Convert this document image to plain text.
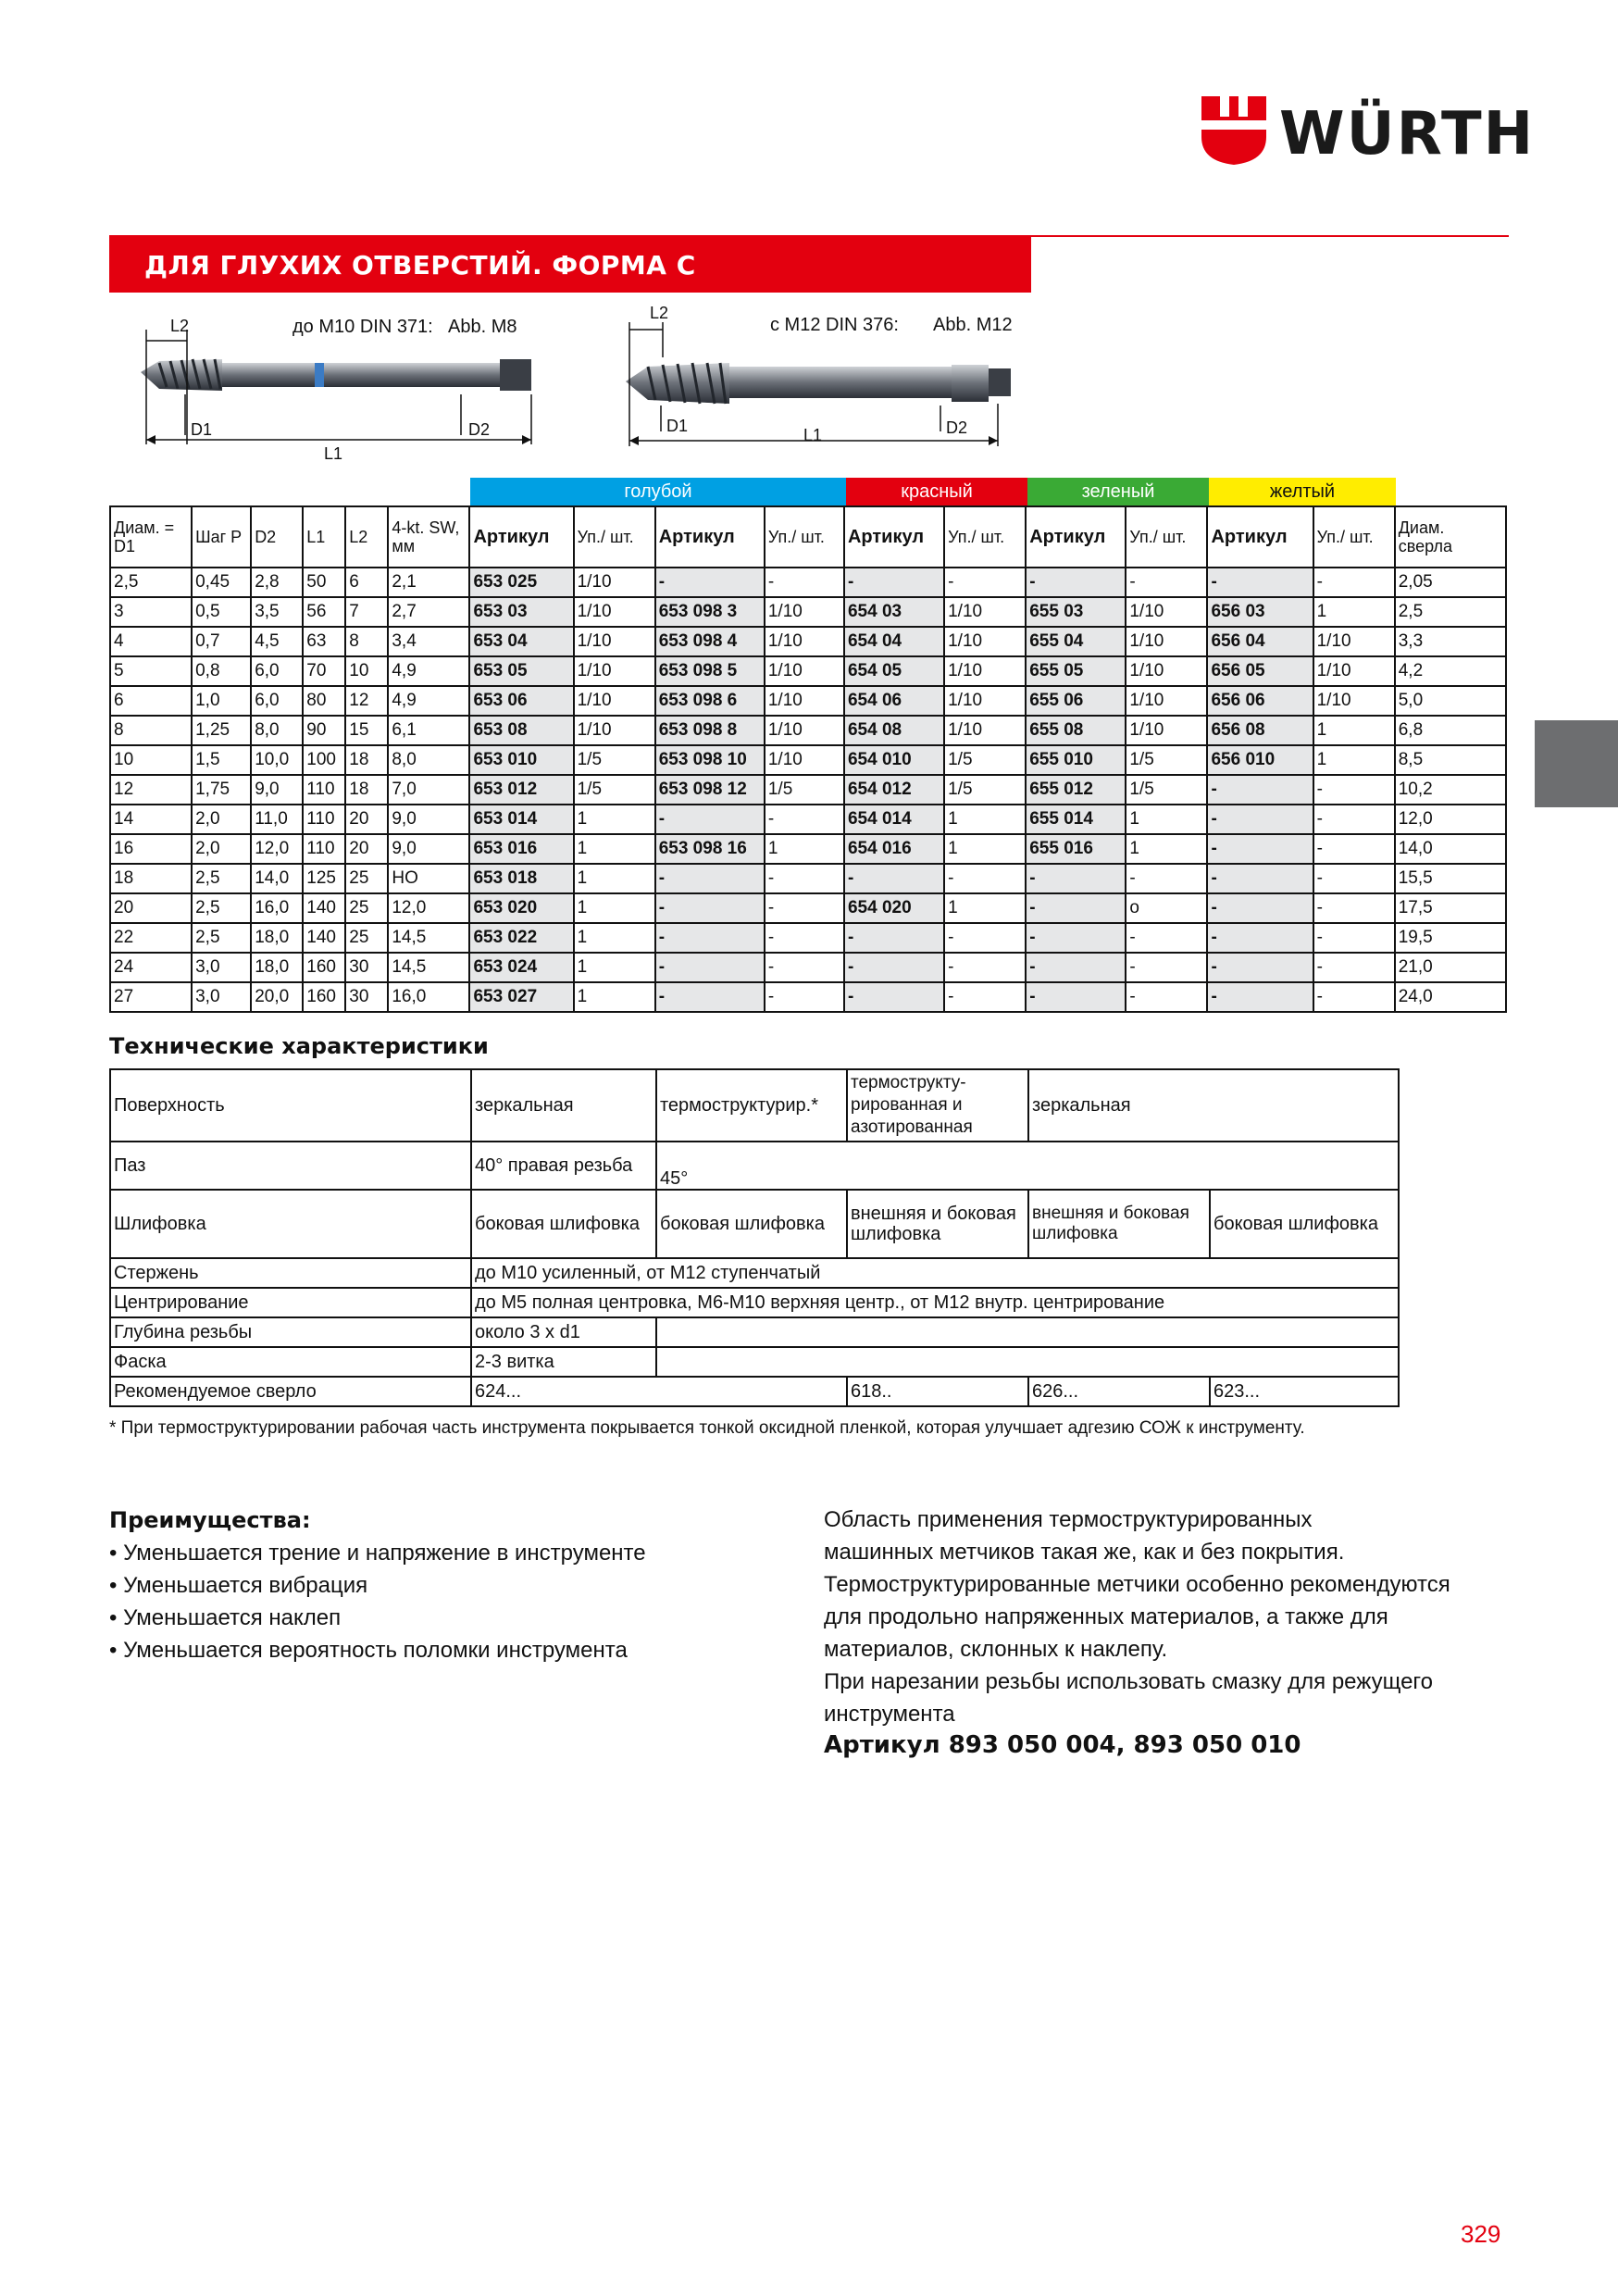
WÜRTH
ДЛЯ ГЛУХИХ ОТВЕРСТИЙ. ФОРМА С
L2
D1	D2
L1
до M10 DIN 371: Abb. M8
L2
D1	L1	D2
с M12 DIN 376: Abb. M12
голубой	красный	зеленый	желтый
Диам. = D1	Шаг P	D2	L1	L2	4-kt. SW, мм	Артикул	Уп./ шт.	Артикул	Уп./ шт.	Артикул	Уп./ шт.	Артикул	Уп./ шт.	Артикул	Уп./ шт.	Диам. сверла
2,5	0,45	2,8	50	6	2,1	653 025	1/10	-	-	-	-	-	-	-	-	2,05
3	0,5	3,5	56	7	2,7	653 03	1/10	653 098 3	1/10	654 03	1/10	655 03	1/10	656 03	1	2,5
4	0,7	4,5	63	8	3,4	653 04	1/10	653 098 4	1/10	654 04	1/10	655 04	1/10	656 04	1/10	3,3
5	0,8	6,0	70	10	4,9	653 05	1/10	653 098 5	1/10	654 05	1/10	655 05	1/10	656 05	1/10	4,2
6	1,0	6,0	80	12	4,9	653 06	1/10	653 098 6	1/10	654 06	1/10	655 06	1/10	656 06	1/10	5,0
8	1,25	8,0	90	15	6,1	653 08	1/10	653 098 8	1/10	654 08	1/10	655 08	1/10	656 08	1	6,8
10	1,5	10,0	100	18	8,0	653 010	1/5	653 098 10	1/10	654 010	1/5	655 010	1/5	656 010	1	8,5
12	1,75	9,0	110	18	7,0	653 012	1/5	653 098 12	1/5	654 012	1/5	655 012	1/5	-	-	10,2
14	2,0	11,0	110	20	9,0	653 014	1	-	-	654 014	1	655 014	1	-	-	12,0
16	2,0	12,0	110	20	9,0	653 016	1	653 098 16	1	654 016	1	655 016	1	-	-	14,0
18	2,5	14,0	125	25	НО	653 018	1	-	-	-	-	-	-	-	-	15,5
20	2,5	16,0	140	25	12,0	653 020	1	-	-	654 020	1	-	o	-	-	17,5
22	2,5	18,0	140	25	14,5	653 022	1	-	-	-	-	-	-	-	-	19,5
24	3,0	18,0	160	30	14,5	653 024	1	-	-	-	-	-	-	-	-	21,0
27	3,0	20,0	160	30	16,0	653 027	1	-	-	-	-	-	-	-	-	24,0
Технические характеристики
Поверхность	зеркальная	термоструктурир.*	термострукту- рированная и азотированная	зеркальная	
Паз	40° правая резьба	45°			
Шлифовка	боковая шлифовка	боковая шлифовка	внешняя и боковая шлифовка	внешняя и боковая шлифовка	боковая шлифовка
Стержень	до М10 усиленный, от М12 ступенчатый				
Центрирование	до М5 полная центровка, М6-М10 верхняя центр., от М12 внутр. центрирование				
Глубина резьбы	около 3 х d1				
Фаска	2-3 витка				
Рекомендуемое сверло	624...		618..	626...	623...
* При термоструктурировании рабочая часть инструмента покрывается тонкой оксидной пленкой, которая улучшает адгезию СОЖ к инструменту.
Преимущества:
• Уменьшается трение и напряжение в инструменте
• Уменьшается вибрация
• Уменьшается наклеп
• Уменьшается вероятность поломки инструмента
Область применения термоструктурированных
машинных метчиков такая же, как и без покрытия.
Термоструктурированные метчики особенно рекомендуются
для продольно напряженных материалов, а также для
материалов, склонных к наклепу.
При нарезании резьбы использовать смазку для режущего
инструмента
Артикул 893 050 004, 893 050 010
329
